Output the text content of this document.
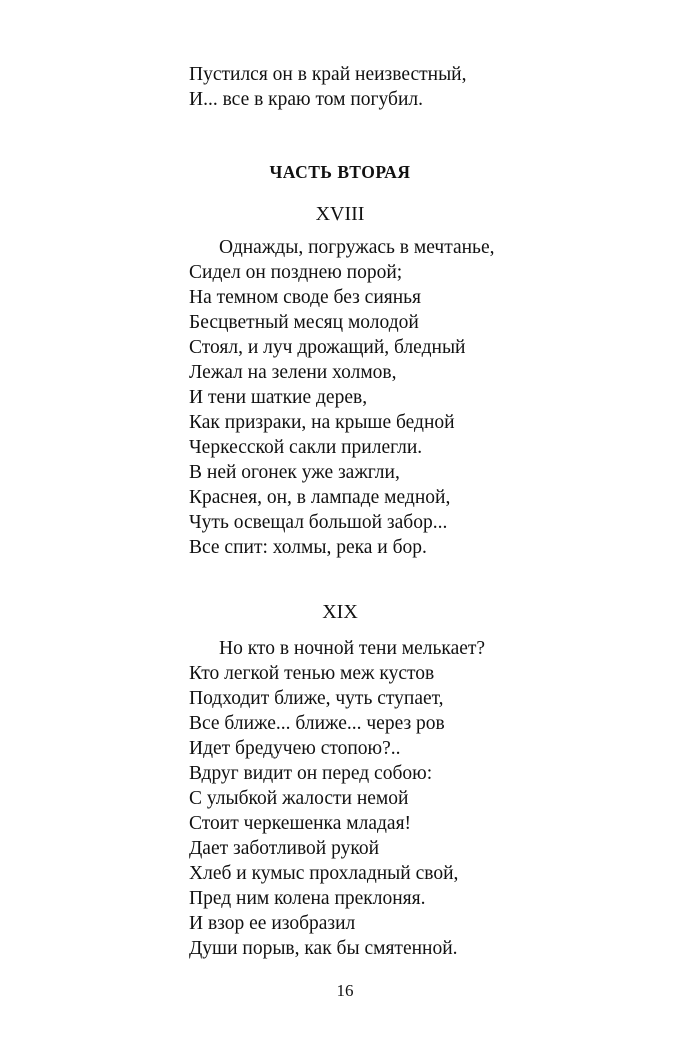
Пустился он в край неизвестный,
И... все в краю том погубил.
ЧАСТЬ ВТОРАЯ
XVIII
Однажды, погружась в мечтанье,
Сидел он позднею порой;
На темном своде без сиянья
Бесцветный месяц молодой
Стоял, и луч дрожащий, бледный
Лежал на зелени холмов,
И тени шаткие дерев,
Как призраки, на крыше бедной
Черкесской сакли прилегли.
В ней огонек уже зажгли,
Краснея, он, в лампаде медной,
Чуть освещал большой забор...
Все спит: холмы, река и бор.
XIX
Но кто в ночной тени мелькает?
Кто легкой тенью меж кустов
Подходит ближе, чуть ступает,
Все ближе... ближе... через ров
Идет бредучею стопою?..
Вдруг видит он перед собою:
С улыбкой жалости немой
Стоит черкешенка младая!
Дает заботливой рукой
Хлеб и кумыс прохладный свой,
Пред ним колена преклоняя.
И взор ее изобразил
Души порыв, как бы смятенной.
16
